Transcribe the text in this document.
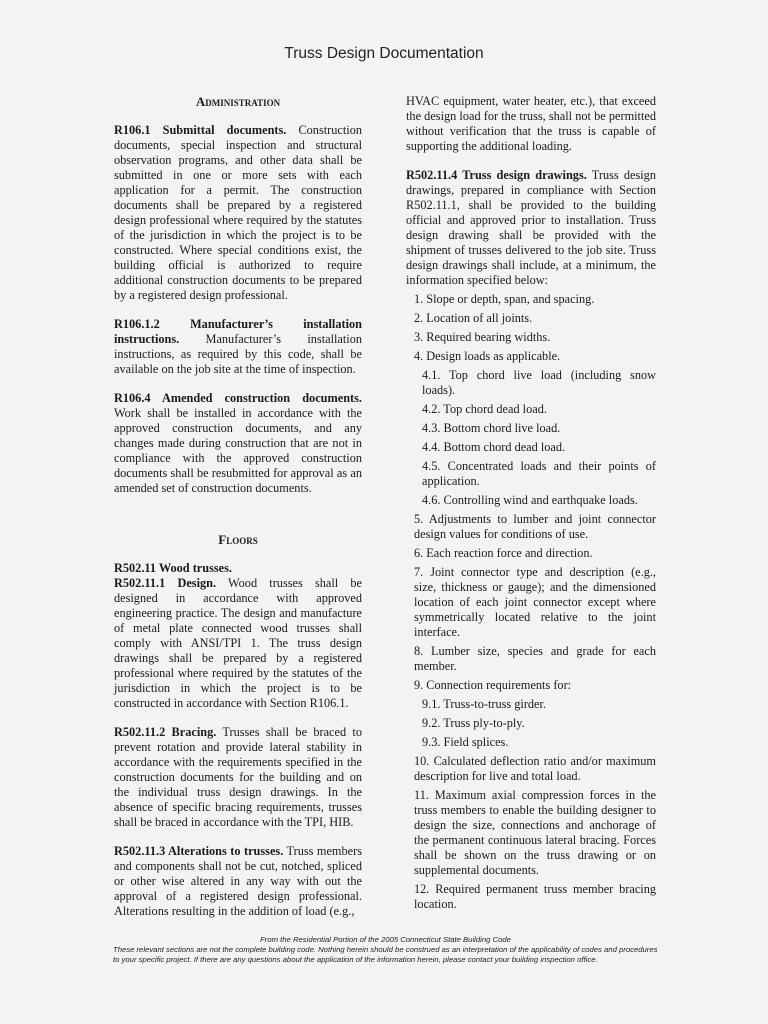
Truss Design Documentation
Administration

R106.1 Submittal documents. Construction documents, special inspection and structural observation programs, and other data shall be submitted in one or more sets with each application for a permit. The construction documents shall be prepared by a registered design professional where required by the statutes of the jurisdiction in which the project is to be constructed. Where special conditions exist, the building official is authorized to require additional construction documents to be prepared by a registered design professional.

R106.1.2 Manufacturer’s installation instructions. Manufacturer’s installation instructions, as required by this code, shall be available on the job site at the time of inspection.

R106.4 Amended construction documents. Work shall be installed in accordance with the approved construction documents, and any changes made during construction that are not in compliance with the approved construction documents shall be resubmitted for approval as an amended set of construction documents.

Floors

R502.11 Wood trusses.

R502.11.1 Design. Wood trusses shall be designed in accordance with approved engineering practice. The design and manufacture of metal plate connected wood trusses shall comply with ANSI/TPI 1. The truss design drawings shall be prepared by a registered professional where required by the statutes of the jurisdiction in which the project is to be constructed in accordance with Section R106.1.

R502.11.2 Bracing. Trusses shall be braced to prevent rotation and provide lateral stability in accordance with the requirements specified in the construction documents for the building and on the individual truss design drawings. In the absence of specific bracing requirements, trusses shall be braced in accordance with the TPI, HIB.

R502.11.3 Alterations to trusses. Truss members and components shall not be cut, notched, spliced or other wise altered in any way with out the approval of a registered design professional. Alterations resulting in the addition of load (e.g.,

HVAC equipment, water heater, etc.), that exceed the design load for the truss, shall not be permitted without verification that the truss is capable of supporting the additional loading.

R502.11.4 Truss design drawings. Truss design drawings, prepared in compliance with Section R502.11.1, shall be provided to the building official and approved prior to installation. Truss design drawing shall be provided with the shipment of trusses delivered to the job site. Truss design drawings shall include, at a minimum, the information specified below:

1. Slope or depth, span, and spacing.
2. Location of all joints.
3. Required bearing widths.
4. Design loads as applicable.
4.1. Top chord live load (including snow loads).
4.2. Top chord dead load.
4.3. Bottom chord live load.
4.4. Bottom chord dead load.
4.5. Concentrated loads and their points of application.
4.6. Controlling wind and earthquake loads.
5. Adjustments to lumber and joint connector design values for conditions of use.
6. Each reaction force and direction.
7. Joint connector type and description (e.g., size, thickness or gauge); and the dimensioned location of each joint connector except where symmetrically located relative to the joint interface.
8. Lumber size, species and grade for each member.
9. Connection requirements for:
9.1. Truss-to-truss girder.
9.2. Truss ply-to-ply.
9.3. Field splices.
10. Calculated deflection ratio and/or maximum description for live and total load.
11. Maximum axial compression forces in the truss members to enable the building designer to design the size, connections and anchorage of the permanent continuous lateral bracing. Forces shall be shown on the truss drawing or on supplemental documents.
12. Required permanent truss member bracing location.
From the Residential Portion of the 2005 Connecticut State Building Code
These relevant sections are not the complete building code. Nothing herein should be construed as an interpretation of the applicability of codes and procedures to your specific project. If there are any questions about the application of the information herein, please contact your building inspection office.
